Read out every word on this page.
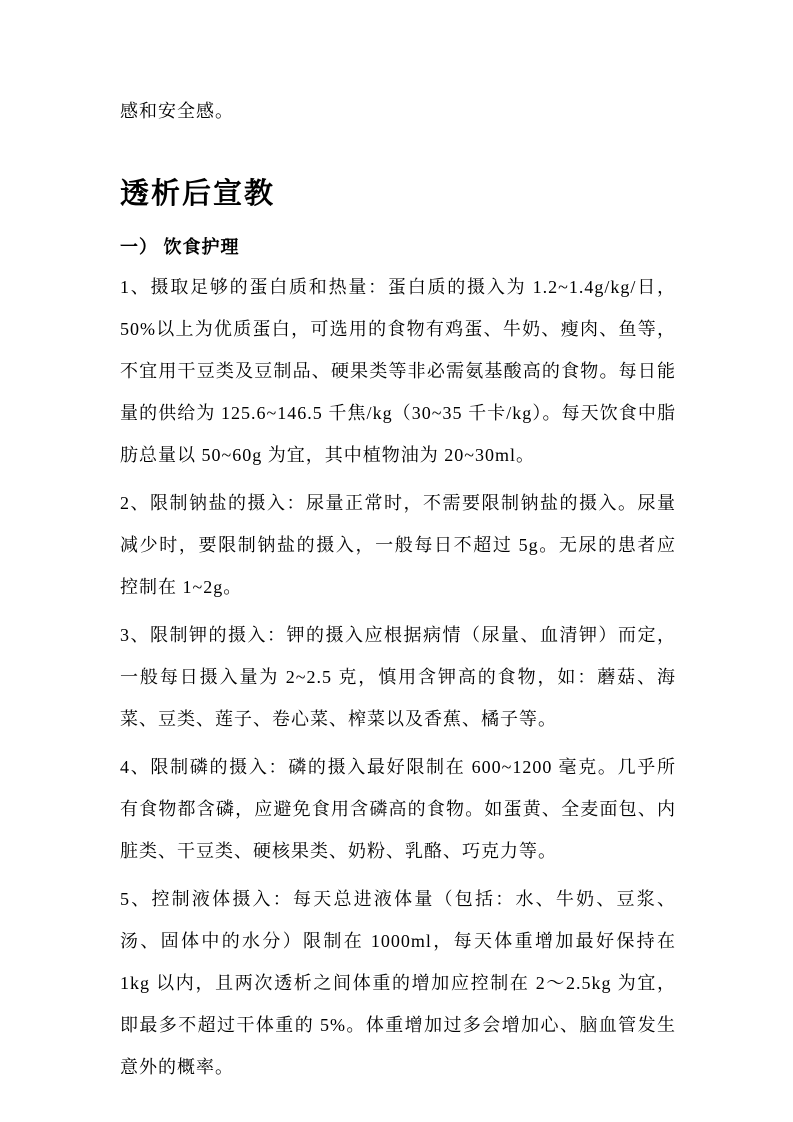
感和安全感。

透析后宣教
一） 饮食护理

1、摄取足够的蛋白质和热量：蛋白质的摄入为 1.2~1.4g/kg/日，50%以上为优质蛋白，可选用的食物有鸡蛋、牛奶、瘦肉、鱼等，不宜用干豆类及豆制品、硬果类等非必需氨基酸高的食物。每日能量的供给为 125.6~146.5 千焦/kg（30~35 千卡/kg）。每天饮食中脂肪总量以 50~60g 为宜，其中植物油为 20~30ml。

2、限制钠盐的摄入：尿量正常时，不需要限制钠盐的摄入。尿量减少时，要限制钠盐的摄入，一般每日不超过 5g。无尿的患者应控制在 1~2g。

3、限制钾的摄入：钾的摄入应根据病情（尿量、血清钾）而定，一般每日摄入量为 2~2.5 克，慎用含钾高的食物，如：蘑菇、海菜、豆类、莲子、卷心菜、榨菜以及香蕉、橘子等。

4、限制磷的摄入：磷的摄入最好限制在 600~1200 毫克。几乎所有食物都含磷，应避免食用含磷高的食物。如蛋黄、全麦面包、内脏类、干豆类、硬核果类、奶粉、乳酪、巧克力等。

5、控制液体摄入：每天总进液体量（包括：水、牛奶、豆浆、汤、固体中的水分）限制在 1000ml，每天体重增加最好保持在 1kg 以内，且两次透析之间体重的增加应控制在 2～2.5kg 为宜，即最多不超过干体重的 5%。体重增加过多会增加心、脑血管发生意外的概率。
